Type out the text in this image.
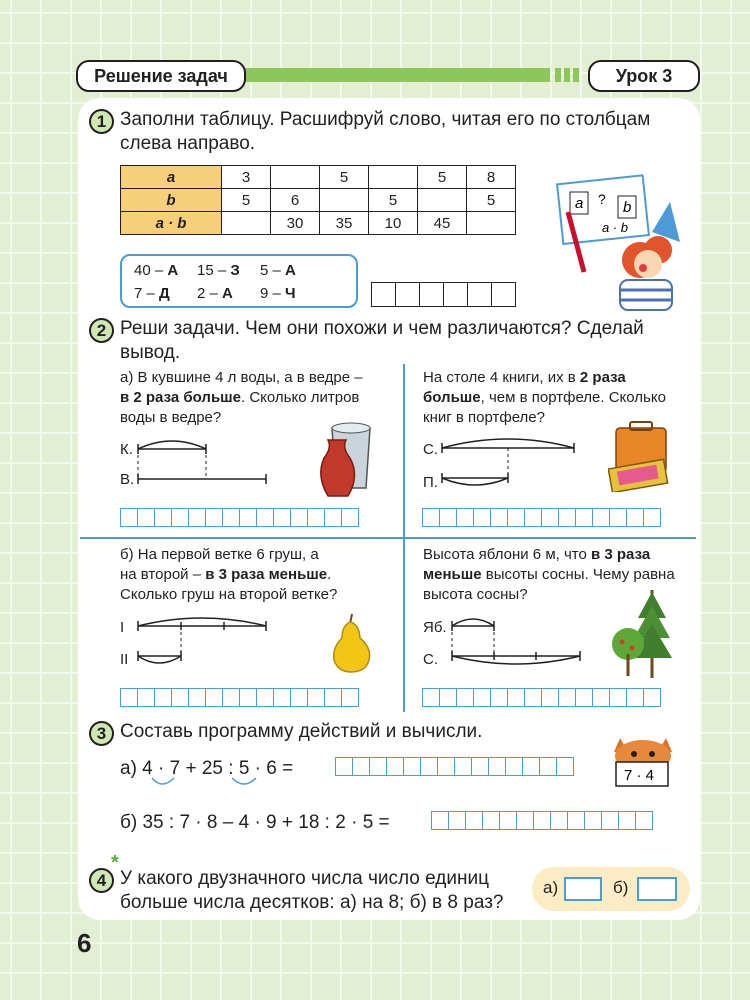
Решение задач	Урок 3
1 Заполни таблицу. Расшифруй слово, читая его по столбцам
слева направо.
a	3		5		5	8
b	5	6		5		5
a · b		30	35	10	45	
40 – А	15 – З	5 – А
7 – Д	2 – А	9 – Ч
a ? b
a · b
2 Реши задачи. Чем они похожи и чем различаются? Сделай
вывод.
а) В кувшине 4 л воды, а в ведре –
в 2 раза больше. Сколько литров
воды в ведре?
К.
В.
На столе 4 книги, их в 2 раза
больше, чем в портфеле. Сколько
книг в портфеле?
С.
П.
б) На первой ветке 6 груш, а
на второй – в 3 раза меньше.
Сколько груш на второй ветке?
I
II
Высота яблони 6 м, что в 3 раза
меньше высоты сосны. Чему равна
высота сосны?
Яб.
С.
3 Составь программу действий и вычисли.
а) 4 · 7 + 25 : 5 · 6 =	7 · 4
б) 35 : 7 · 8 – 4 · 9 + 18 : 2 · 5 =
4
*
У какого двузначного числа число единиц
больше числа десятков: а) на 8; б) в 8 раз?
а)	б)
6
